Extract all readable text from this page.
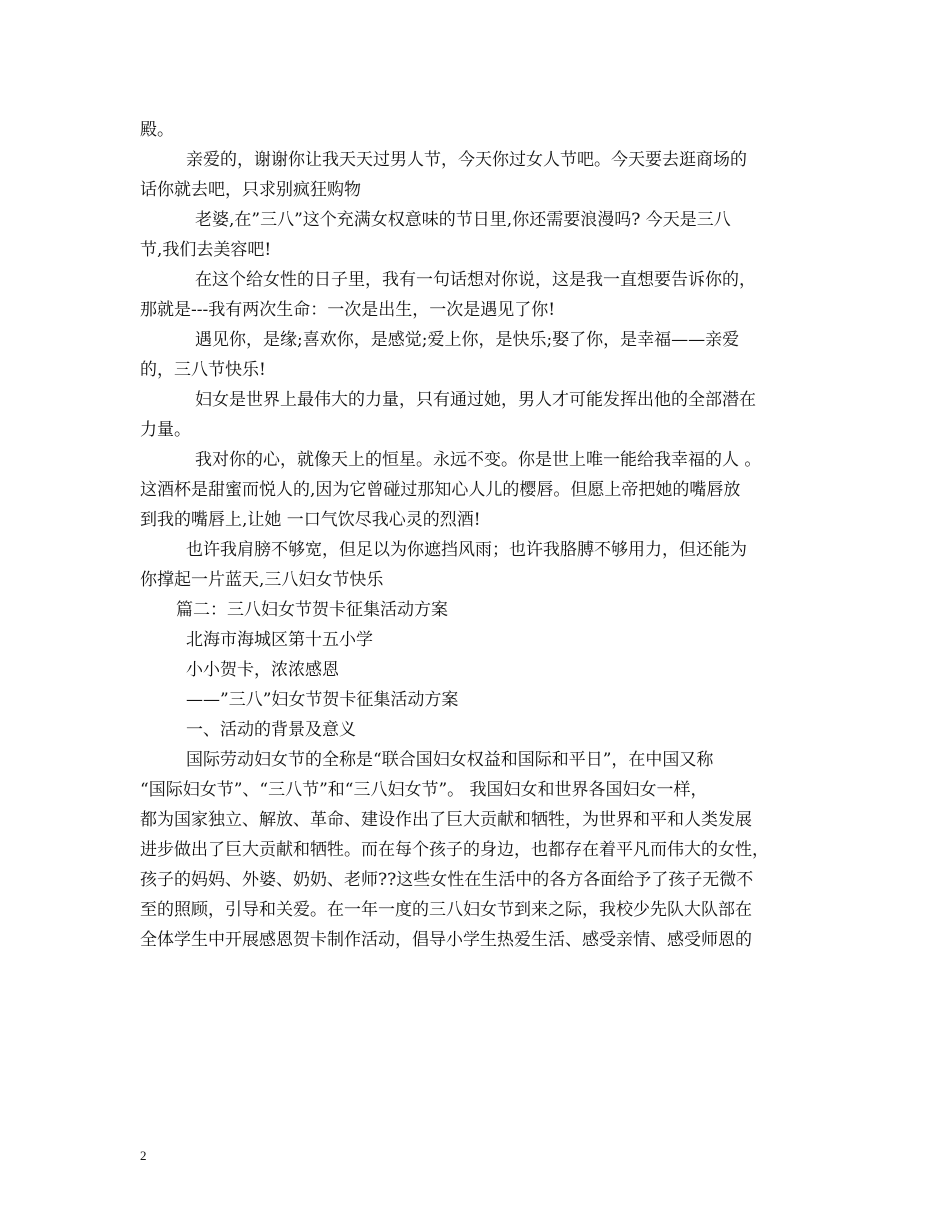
殿。
亲爱的，谢谢你让我天天过男人节，今天你过女人节吧。今天要去逛商场的
话你就去吧，只求别疯狂购物
老婆,在”三八”这个充满女权意味的节日里,你还需要浪漫吗? 今天是三八
节,我们去美容吧!
在这个给女性的日子里，我有一句话想对你说，这是我一直想要告诉你的，
那就是---我有两次生命：一次是出生，一次是遇见了你!
遇见你，是缘;喜欢你，是感觉;爱上你，是快乐;娶了你，是幸福——亲爱
的，三八节快乐!
妇女是世界上最伟大的力量，只有通过她，男人才可能发挥出他的全部潜在
力量。
我对你的心，就像天上的恒星。永远不变。你是世上唯一能给我幸福的人 。
这酒杯是甜蜜而悦人的,因为它曾碰过那知心人儿的樱唇。但愿上帝把她的嘴唇放
到我的嘴唇上,让她 一口气饮尽我心灵的烈酒!
也许我肩膀不够宽，但足以为你遮挡风雨；也许我胳膊不够用力，但还能为
你撑起一片蓝天,三八妇女节快乐
篇二：三八妇女节贺卡征集活动方案
北海市海城区第十五小学
小小贺卡，浓浓感恩
——”三八”妇女节贺卡征集活动方案
一、活动的背景及意义
国际劳动妇女节的全称是“联合国妇女权益和国际和平日”，在中国又称
“国际妇女节”、“三八节”和“三八妇女节”。 我国妇女和世界各国妇女一样，
都为国家独立、解放、革命、建设作出了巨大贡献和牺牲，为世界和平和人类发展
进步做出了巨大贡献和牺牲。而在每个孩子的身边，也都存在着平凡而伟大的女性，
孩子的妈妈、外婆、奶奶、老师??这些女性在生活中的各方各面给予了孩子无微不
至的照顾，引导和关爱。在一年一度的三八妇女节到来之际，我校少先队大队部在
全体学生中开展感恩贺卡制作活动，倡导小学生热爱生活、感受亲情、感受师恩的
2
